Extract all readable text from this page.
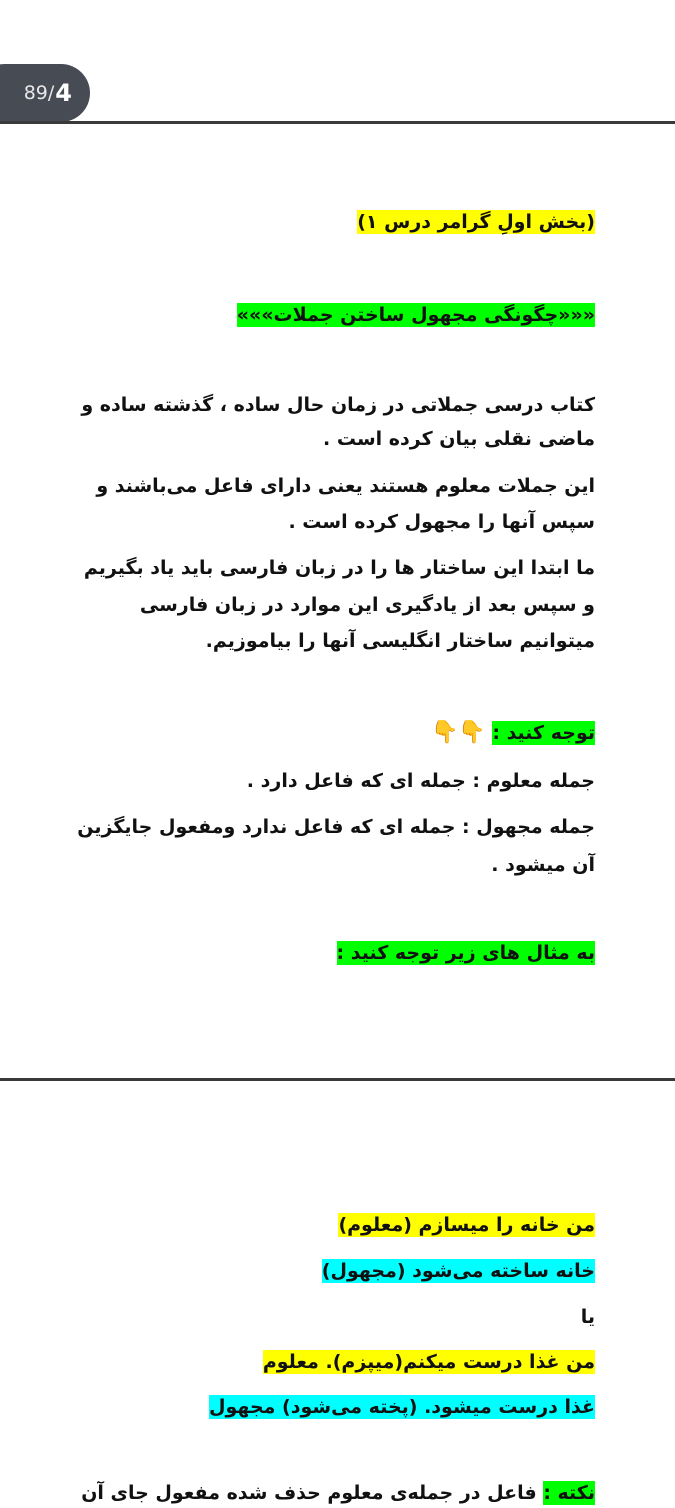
89 / 4
(بخش اولِ گرامر درس ۱)
«««چگونگی مجهول ساختن جملات»»»
کتاب درسی جملاتی در زمان حال ساده ، گذشته ساده و
ماضی نقلی بیان کرده است .
این جملات معلوم هستند یعنی دارای فاعل می‌باشند و
سپس آنها را مجهول کرده است .
ما ابتدا این ساختار ها را در زبان فارسی باید یاد بگیریم
و سپس بعد از یادگیری این موارد در زبان فارسی
میتوانیم ساختار انگلیسی آنها را بیاموزیم.
توجه کنید : 👇👇
جمله معلوم : جمله ای که فاعل دارد .
جمله مجهول : جمله ای که فاعل ندارد ومفعول جایگزین
آن میشود .
به مثال های زیر توجه کنید :
من خانه را میسازم (معلوم)
خانه ساخته می‌شود (مجهول)
یا
من غذا درست میکنم(میپزم). معلوم
غذا درست میشود. (پخته می‌شود) مجهول
نکته : فاعل در جمله‌ی معلوم حذف شده مفعول جای آن
